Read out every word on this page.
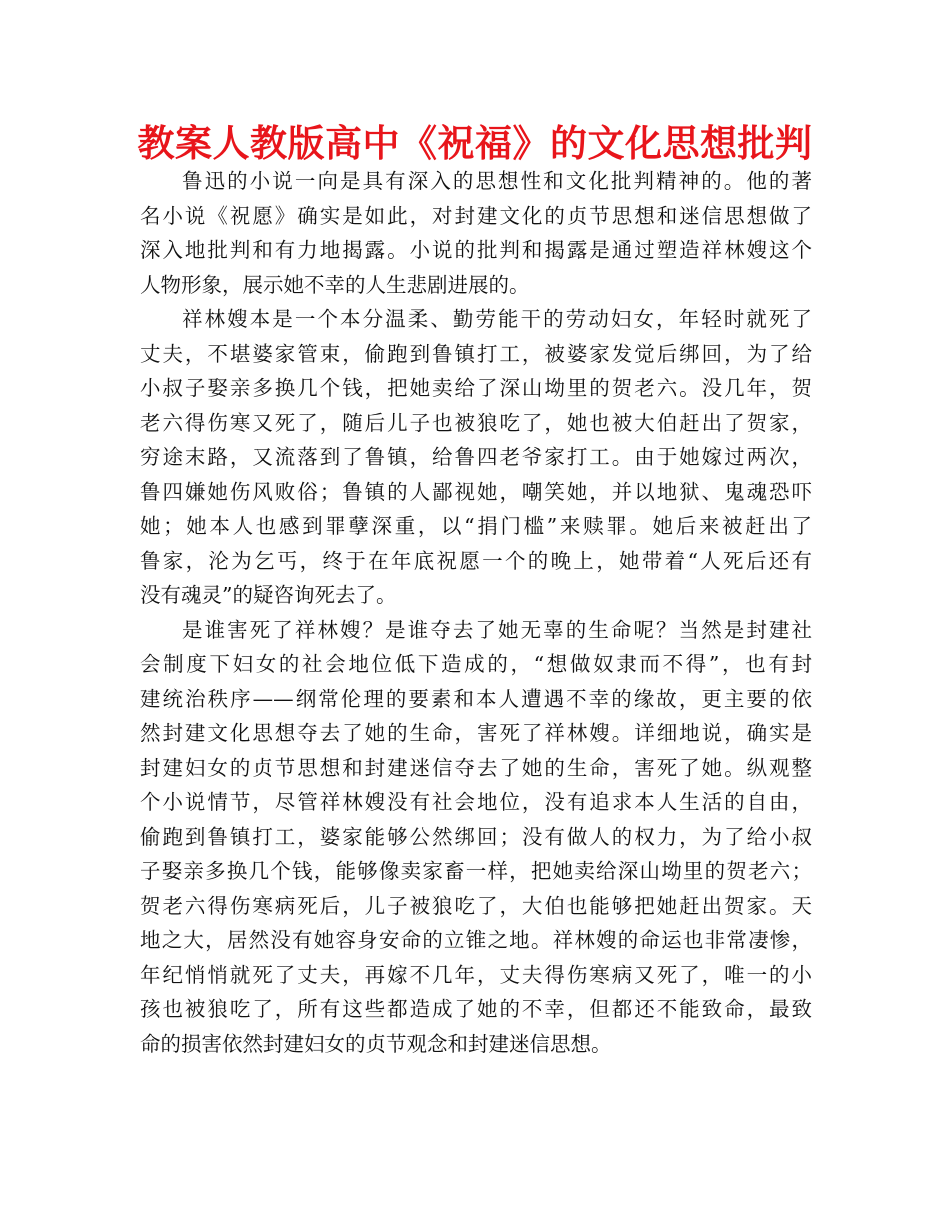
教案人教版高中《祝福》的文化思想批判
鲁迅的小说一向是具有深入的思想性和文化批判精神的。他的著
名小说《祝愿》确实是如此，对封建文化的贞节思想和迷信思想做了
深入地批判和有力地揭露。小说的批判和揭露是通过塑造祥林嫂这个
人物形象，展示她不幸的人生悲剧进展的。
祥林嫂本是一个本分温柔、勤劳能干的劳动妇女，年轻时就死了
丈夫，不堪婆家管束，偷跑到鲁镇打工，被婆家发觉后绑回，为了给
小叔子娶亲多换几个钱，把她卖给了深山坳里的贺老六。没几年，贺
老六得伤寒又死了，随后儿子也被狼吃了，她也被大伯赶出了贺家，
穷途末路，又流落到了鲁镇，给鲁四老爷家打工。由于她嫁过两次，
鲁四嫌她伤风败俗；鲁镇的人鄙视她，嘲笑她，并以地狱、鬼魂恐吓
她；她本人也感到罪孽深重，以“捐门槛”来赎罪。她后来被赶出了
鲁家，沦为乞丐，终于在年底祝愿一个的晚上，她带着“人死后还有
没有魂灵”的疑咨询死去了。
是谁害死了祥林嫂？是谁夺去了她无辜的生命呢？当然是封建社
会制度下妇女的社会地位低下造成的，“想做奴隶而不得”，也有封
建统治秩序——纲常伦理的要素和本人遭遇不幸的缘故，更主要的依
然封建文化思想夺去了她的生命，害死了祥林嫂。详细地说，确实是
封建妇女的贞节思想和封建迷信夺去了她的生命，害死了她。纵观整
个小说情节，尽管祥林嫂没有社会地位，没有追求本人生活的自由，
偷跑到鲁镇打工，婆家能够公然绑回；没有做人的权力，为了给小叔
子娶亲多换几个钱，能够像卖家畜一样，把她卖给深山坳里的贺老六；
贺老六得伤寒病死后，儿子被狼吃了，大伯也能够把她赶出贺家。天
地之大，居然没有她容身安命的立锥之地。祥林嫂的命运也非常凄惨，
年纪悄悄就死了丈夫，再嫁不几年，丈夫得伤寒病又死了，唯一的小
孩也被狼吃了，所有这些都造成了她的不幸，但都还不能致命，最致
命的损害依然封建妇女的贞节观念和封建迷信思想。
